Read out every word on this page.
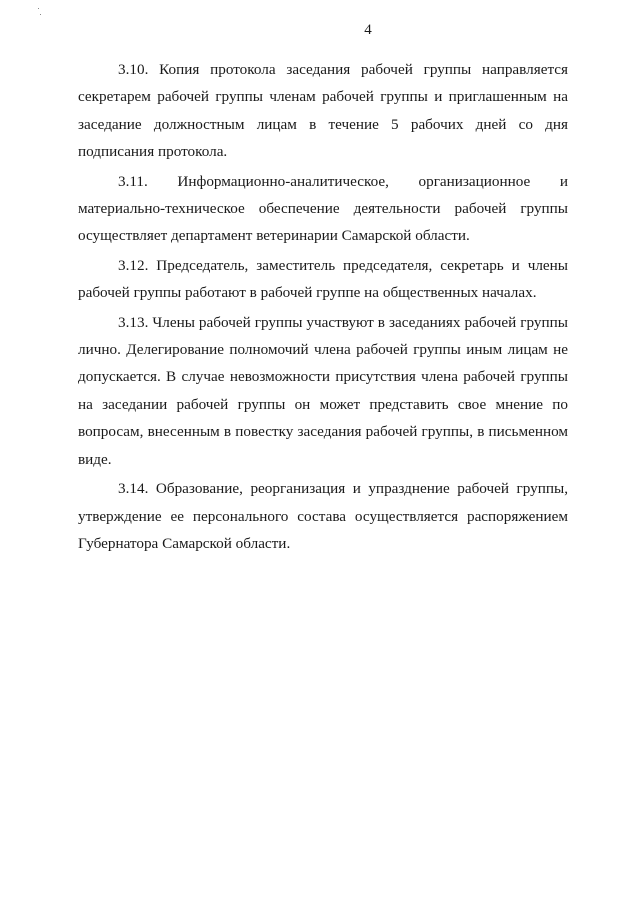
4

3.10. Копия протокола заседания рабочей группы направляется секретарем рабочей группы членам рабочей группы и приглашенным на заседание должностным лицам в течение 5 рабочих дней со дня подписания протокола.

3.11. Информационно-аналитическое, организационное и материально-техническое обеспечение деятельности рабочей группы осуществляет департамент ветеринарии Самарской области.

3.12. Председатель, заместитель председателя, секретарь и члены рабочей группы работают в рабочей группе на общественных началах.

3.13. Члены рабочей группы участвуют в заседаниях рабочей группы лично. Делегирование полномочий члена рабочей группы иным лицам не допускается. В случае невозможности присутствия члена рабочей группы на заседании рабочей группы он может представить свое мнение по вопросам, внесенным в повестку заседания рабочей группы, в письменном виде.

3.14. Образование, реорганизация и упразднение рабочей группы, утверждение ее персонального состава осуществляется распоряжением Губернатора Самарской области.
